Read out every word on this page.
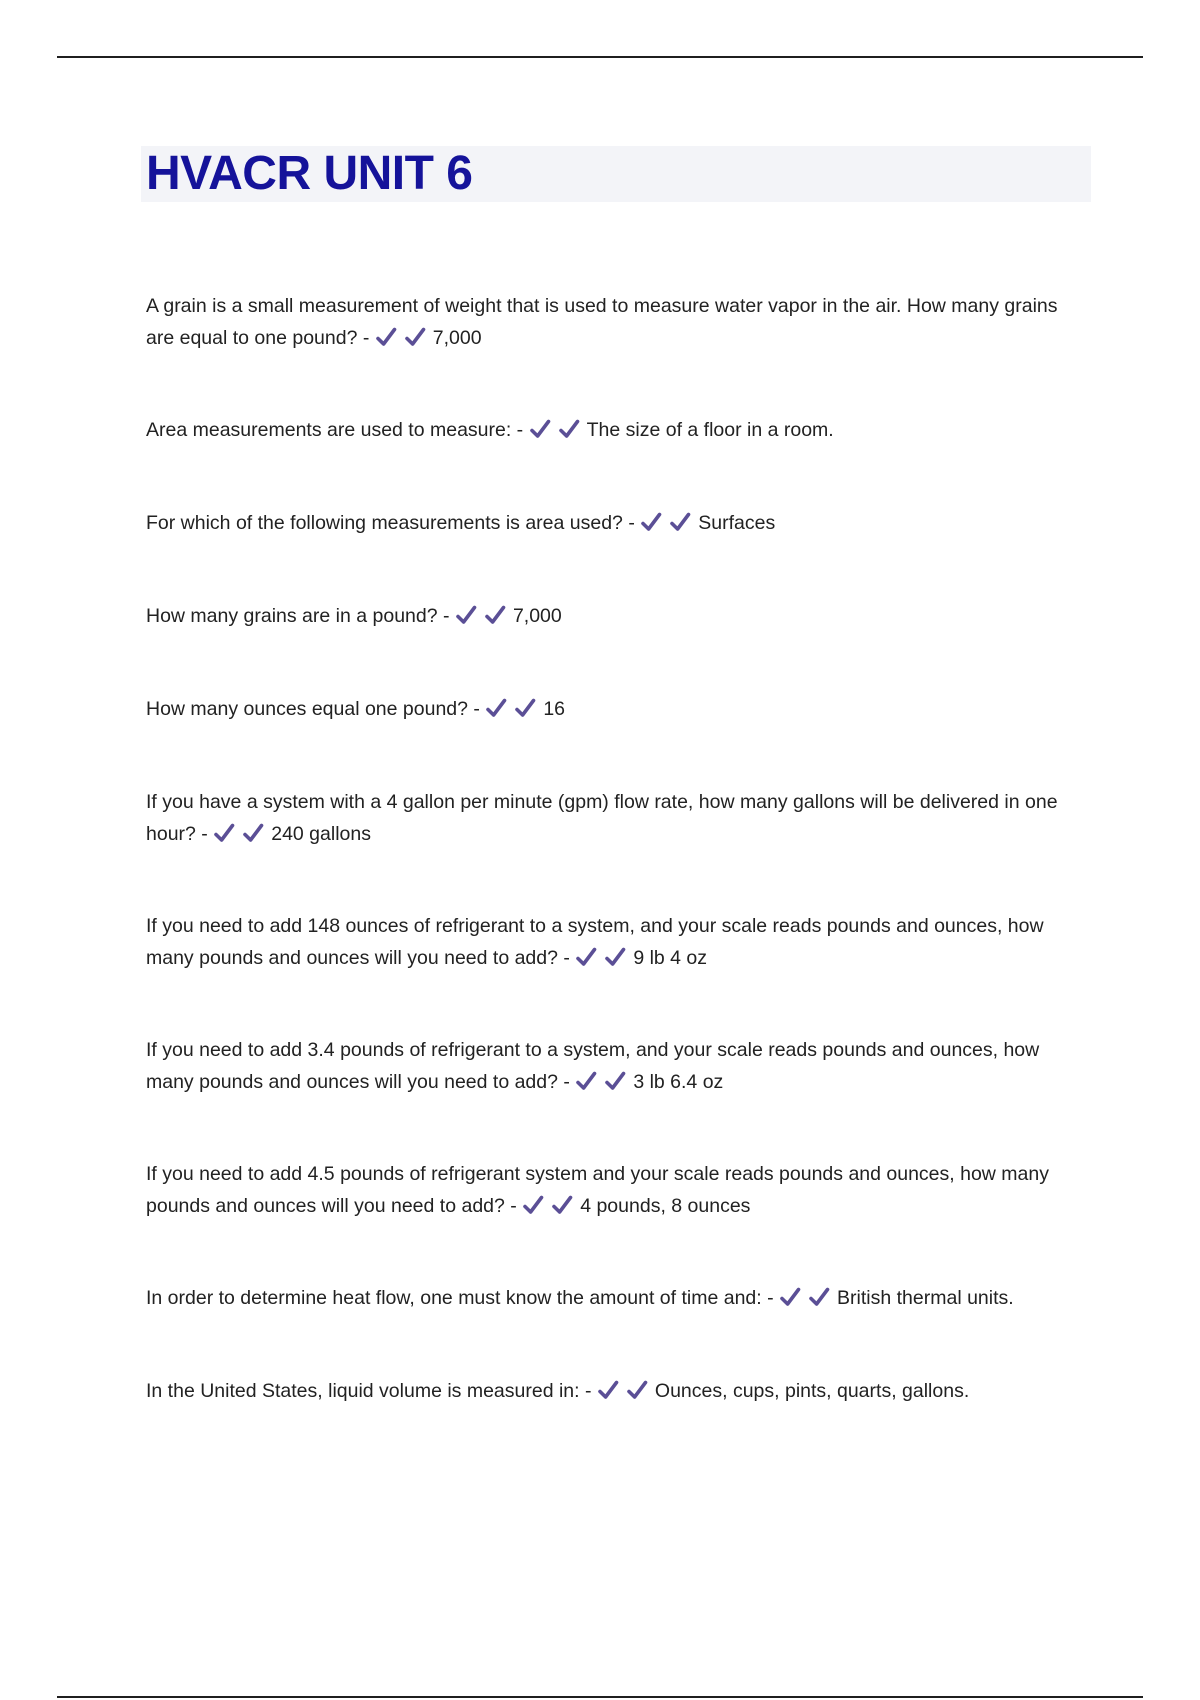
HVACR UNIT 6
A grain is a small measurement of weight that is used to measure water vapor in the air. How many grains are equal to one pound? -	7,000
Area measurements are used to measure: -	The size of a floor in a room.
For which of the following measurements is area used? -	Surfaces
How many grains are in a pound? -	7,000
How many ounces equal one pound? -	16
If you have a system with a 4 gallon per minute (gpm) flow rate, how many gallons will be delivered in one hour? -	240 gallons
If you need to add 148 ounces of refrigerant to a system, and your scale reads pounds and ounces, how many pounds and ounces will you need to add? -	9 lb 4 oz
If you need to add 3.4 pounds of refrigerant to a system, and your scale reads pounds and ounces, how many pounds and ounces will you need to add? -	3 lb 6.4 oz
If you need to add 4.5 pounds of refrigerant system and your scale reads pounds and ounces, how many pounds and ounces will you need to add? -	4 pounds, 8 ounces
In order to determine heat flow, one must know the amount of time and: -	British thermal units.
In the United States, liquid volume is measured in: -	Ounces, cups, pints, quarts, gallons.
